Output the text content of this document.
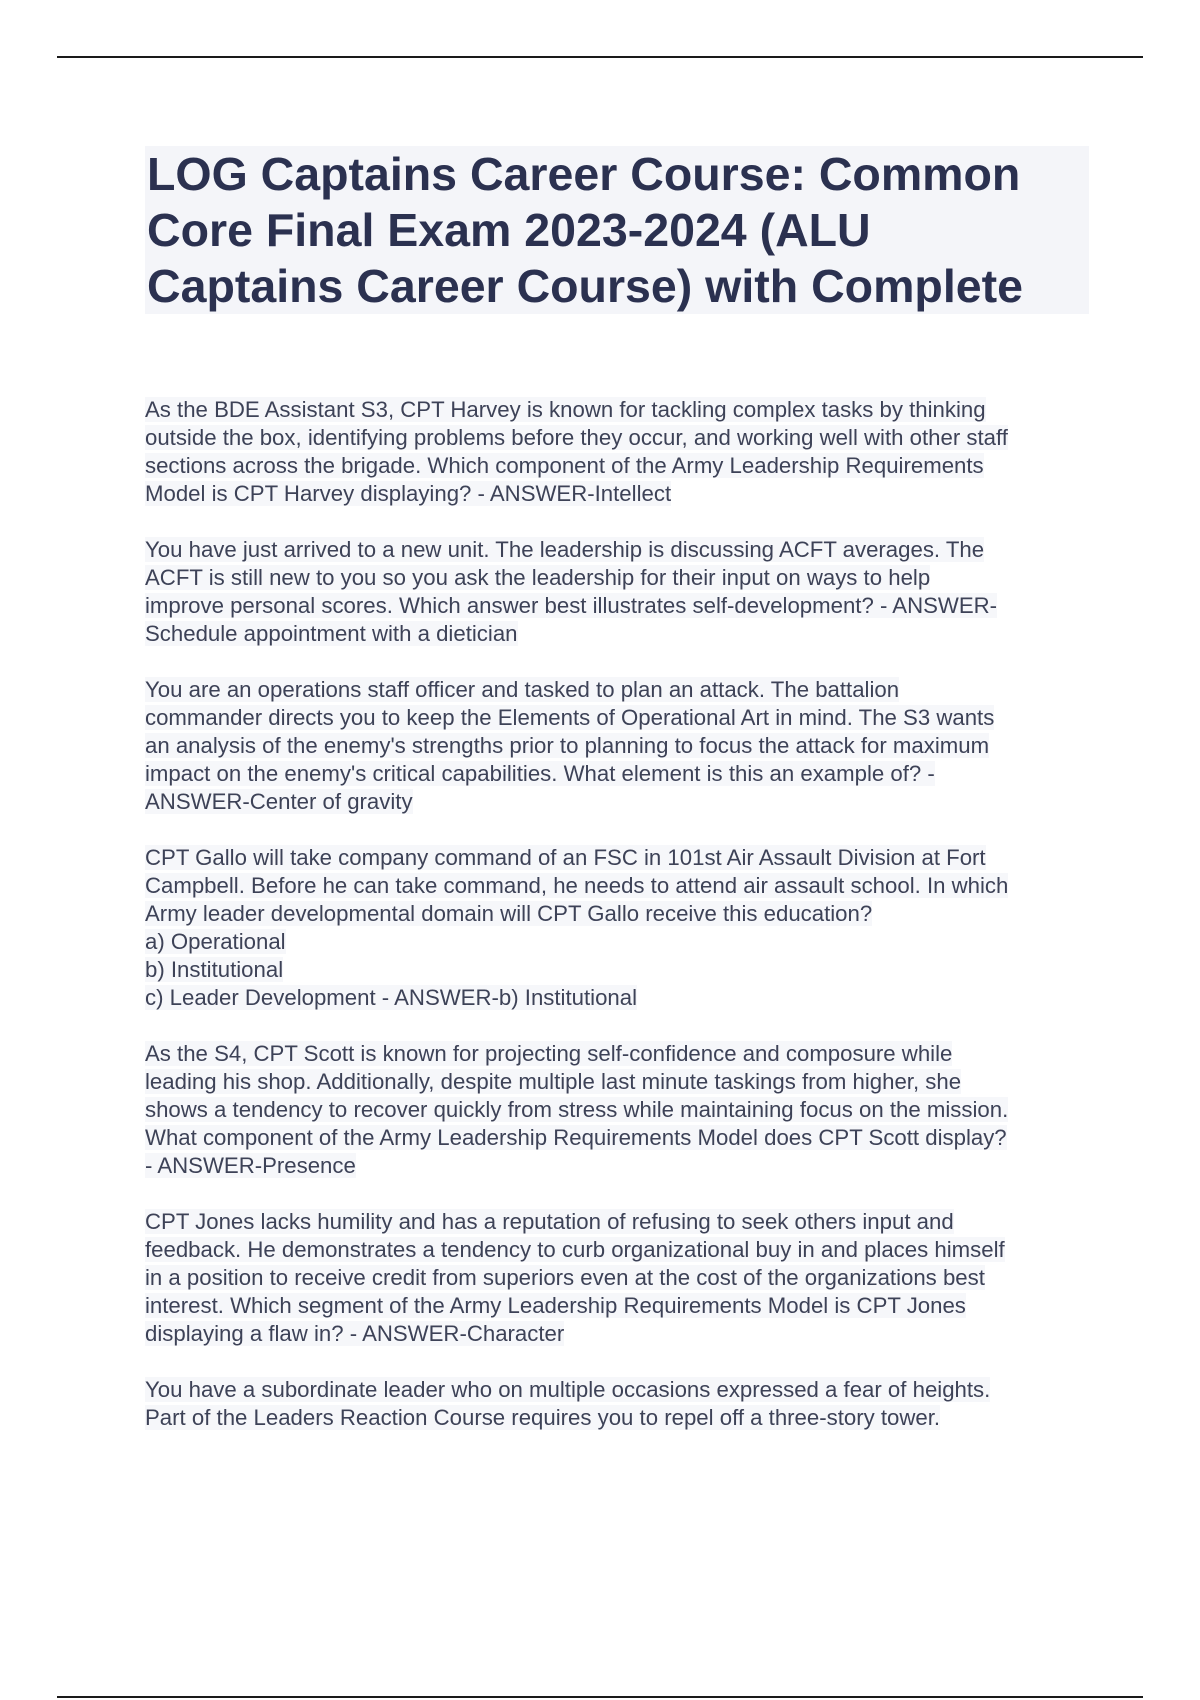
LOG Captains Career Course: Common
Core Final Exam 2023-2024 (ALU
Captains Career Course) with Complete
As the BDE Assistant S3, CPT Harvey is known for tackling complex tasks by thinking
outside the box, identifying problems before they occur, and working well with other staff
sections across the brigade. Which component of the Army Leadership Requirements
Model is CPT Harvey displaying? - ANSWER-Intellect
You have just arrived to a new unit. The leadership is discussing ACFT averages. The
ACFT is still new to you so you ask the leadership for their input on ways to help
improve personal scores. Which answer best illustrates self-development? - ANSWER-
Schedule appointment with a dietician
You are an operations staff officer and tasked to plan an attack. The battalion
commander directs you to keep the Elements of Operational Art in mind. The S3 wants
an analysis of the enemy's strengths prior to planning to focus the attack for maximum
impact on the enemy's critical capabilities. What element is this an example of? -
ANSWER-Center of gravity
CPT Gallo will take company command of an FSC in 101st Air Assault Division at Fort
Campbell. Before he can take command, he needs to attend air assault school. In which
Army leader developmental domain will CPT Gallo receive this education?
a) Operational
b) Institutional
c) Leader Development - ANSWER-b) Institutional
As the S4, CPT Scott is known for projecting self-confidence and composure while
leading his shop. Additionally, despite multiple last minute taskings from higher, she
shows a tendency to recover quickly from stress while maintaining focus on the mission.
What component of the Army Leadership Requirements Model does CPT Scott display?
- ANSWER-Presence
CPT Jones lacks humility and has a reputation of refusing to seek others input and
feedback. He demonstrates a tendency to curb organizational buy in and places himself
in a position to receive credit from superiors even at the cost of the organizations best
interest. Which segment of the Army Leadership Requirements Model is CPT Jones
displaying a flaw in? - ANSWER-Character
You have a subordinate leader who on multiple occasions expressed a fear of heights.
Part of the Leaders Reaction Course requires you to repel off a three-story tower.
